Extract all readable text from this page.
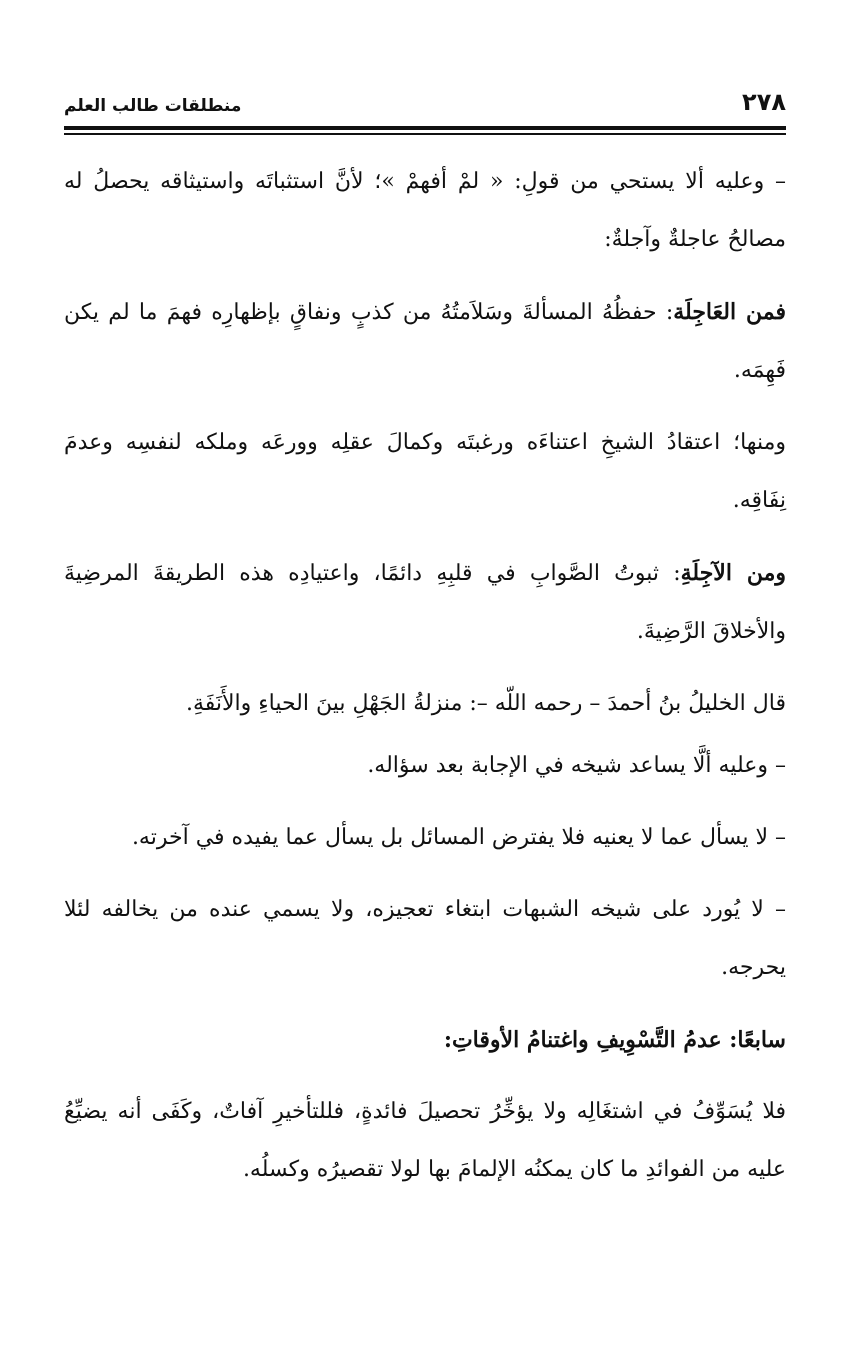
٢٧٨
منطلقات طالب العلم

– وعليه ألا يستحي من قولِ: « لمْ أفهمْ »؛ لأنَّ استثباتَه واستيثاقه يحصلُ له مصالحُ عاجلةٌ وآجلةٌ:

فمن العَاجِلَة: حفظُهُ المسألةَ وسَلاَمتُهُ من كذبٍ ونفاقٍ بإظهارِه فهمَ ما لم يكن فَهِمَه.

ومنها؛ اعتقادُ الشيخِ اعتناءَه ورغبتَه وكمالَ عقلِه وورعَه وملكه لنفسِه وعدمَ نِفَاقِه.

ومن الآجِلَةِ: ثبوتُ الصَّوابِ في قلبِهِ دائمًا، واعتيادِه هذه الطريقةَ المرضِيةَ والأخلاقَ الرَّضِيةَ.

قال الخليلُ بنُ أحمدَ – رحمه اللّه –: منزلةُ الجَهْلِ بينَ الحياءِ والأَنَفَةِ.

– وعليه ألَّا يساعد شيخه في الإجابة بعد سؤاله.

– لا يسأل عما لا يعنيه فلا يفترض المسائل بل يسأل عما يفيده في آخرته.

– لا يُورد على شيخه الشبهات ابتغاء تعجيزه، ولا يسمي عنده من يخالفه لئلا يحرجه.

سابعًا: عدمُ التَّسْوِيفِ واغتنامُ الأوقاتِ:

فلا يُسَوِّفُ في اشتغَالِه ولا يؤخِّرُ تحصيلَ فائدةٍ، فللتأخيرِ آفاتٌ، وكَفَى أنه يضيِّعُ عليه من الفوائدِ ما كان يمكنُه الإلمامَ بها لولا تقصيرُه وكسلُه.
